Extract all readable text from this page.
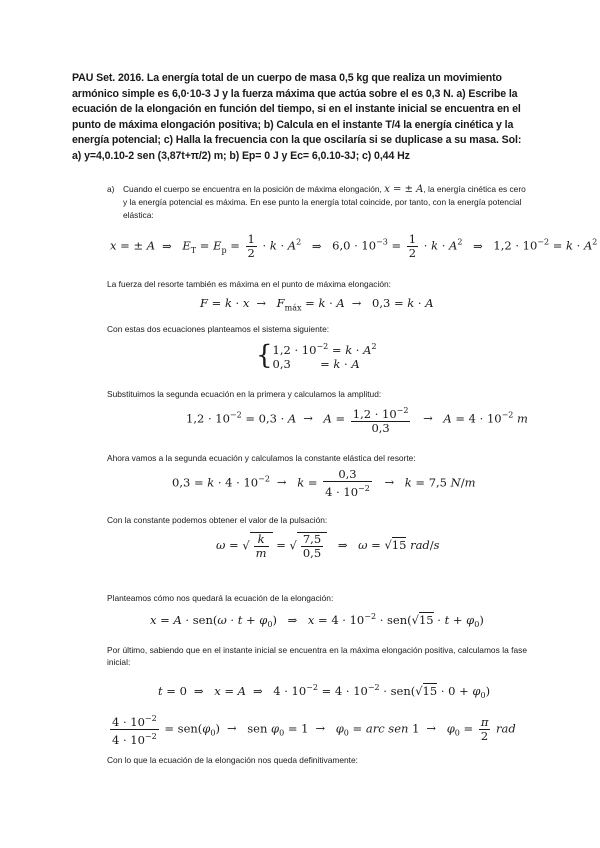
PAU Set. 2016. La energía total de un cuerpo de masa 0,5 kg que realiza un movimiento armónico simple es 6,0·10-3 J y la fuerza máxima que actúa sobre el es 0,3 N. a) Escribe la ecuación de la elongación en función del tiempo, si en el instante inicial se encuentra en el punto de máxima elongación positiva; b) Calcula en el instante T/4 la energía cinética y la energía potencial; c) Halla la frecuencia con la que oscilaría si se duplicase a su masa. Sol: a) y=4,0.10-2 sen (3,87t+π/2) m; b) Ep= 0 J y Ec= 6,0.10-3J; c) 0,44 Hz
a) Cuando el cuerpo se encuentra en la posición de máxima elongación, x = ± A, la energía cinética es cero y la energía potencial es máxima. En ese punto la energía total coincide, por tanto, con la energía potencial elástica:
x = ± A ⇒ $E_T = E_p = \frac{1}{2} \cdot k \cdot A^2$ ⇒ $6,0 \cdot 10^{-3} = \frac{1}{2} \cdot k \cdot A^2$ ⇒ $1,2 \cdot 10^{-2} = k \cdot A^2$
La fuerza del resorte también es máxima en el punto de máxima elongación:
$F = k \cdot x \to F_{máx} = k \cdot A \to 0,3 = k \cdot A$
Con estas dos ecuaciones planteamos el sistema siguiente:
{$1,2 \cdot 10^{-2} = k \cdot A^2$
0,3        = k · A
Substituimos la segunda ecuación en la primera y calculamos la amplitud:
$1,2 \cdot 10^{-2} = 0,3 \cdot A \to A = \frac{1,2 \cdot 10^{-2}}{0,3} \to A = 4 \cdot 10^{-2}$ m
Ahora vamos a la segunda ecuación y calculamos la constante elástica del resorte:
$0,3 = k \cdot 4 \cdot 10^{-2} \to k = \frac{0,3}{4 \cdot 10^{-2}} \to k = 7,5$ N/m
Con la constante podemos obtener el valor de la pulsación:
ω = √ $\frac{k}{m}$ = √ $\frac{7,5}{0,5}$ ⇒ ω = √15 rad/s
Planteamos cómo nos quedará la ecuación de la elongación:
$x = A \cdot sen(\omega \cdot t + \varphi_0)$ ⇒ $x = 4 \cdot 10^{-2} \cdot sen(√15 \cdot t + \varphi_0)$
Por último, sabiendo que en el instante inicial se encuentra en la máxima elongación positiva, calculamos la fase inicial:
t = 0 ⇒ x = A ⇒ $4 \cdot 10^{-2} = 4 \cdot 10^{-2} \cdot sen(√15 \cdot 0 + \varphi_0)$
$\frac{4 \cdot 10^{-2}}{4 \cdot 10^{-2}} = sen(\varphi_0)$ → sen $\varphi_0 = 1 \to \varphi_0$ = arc sen $1 \to \varphi_0 = \frac{\pi}{2}$ rad
Con lo que la ecuación de la elongación nos queda definitivamente:
